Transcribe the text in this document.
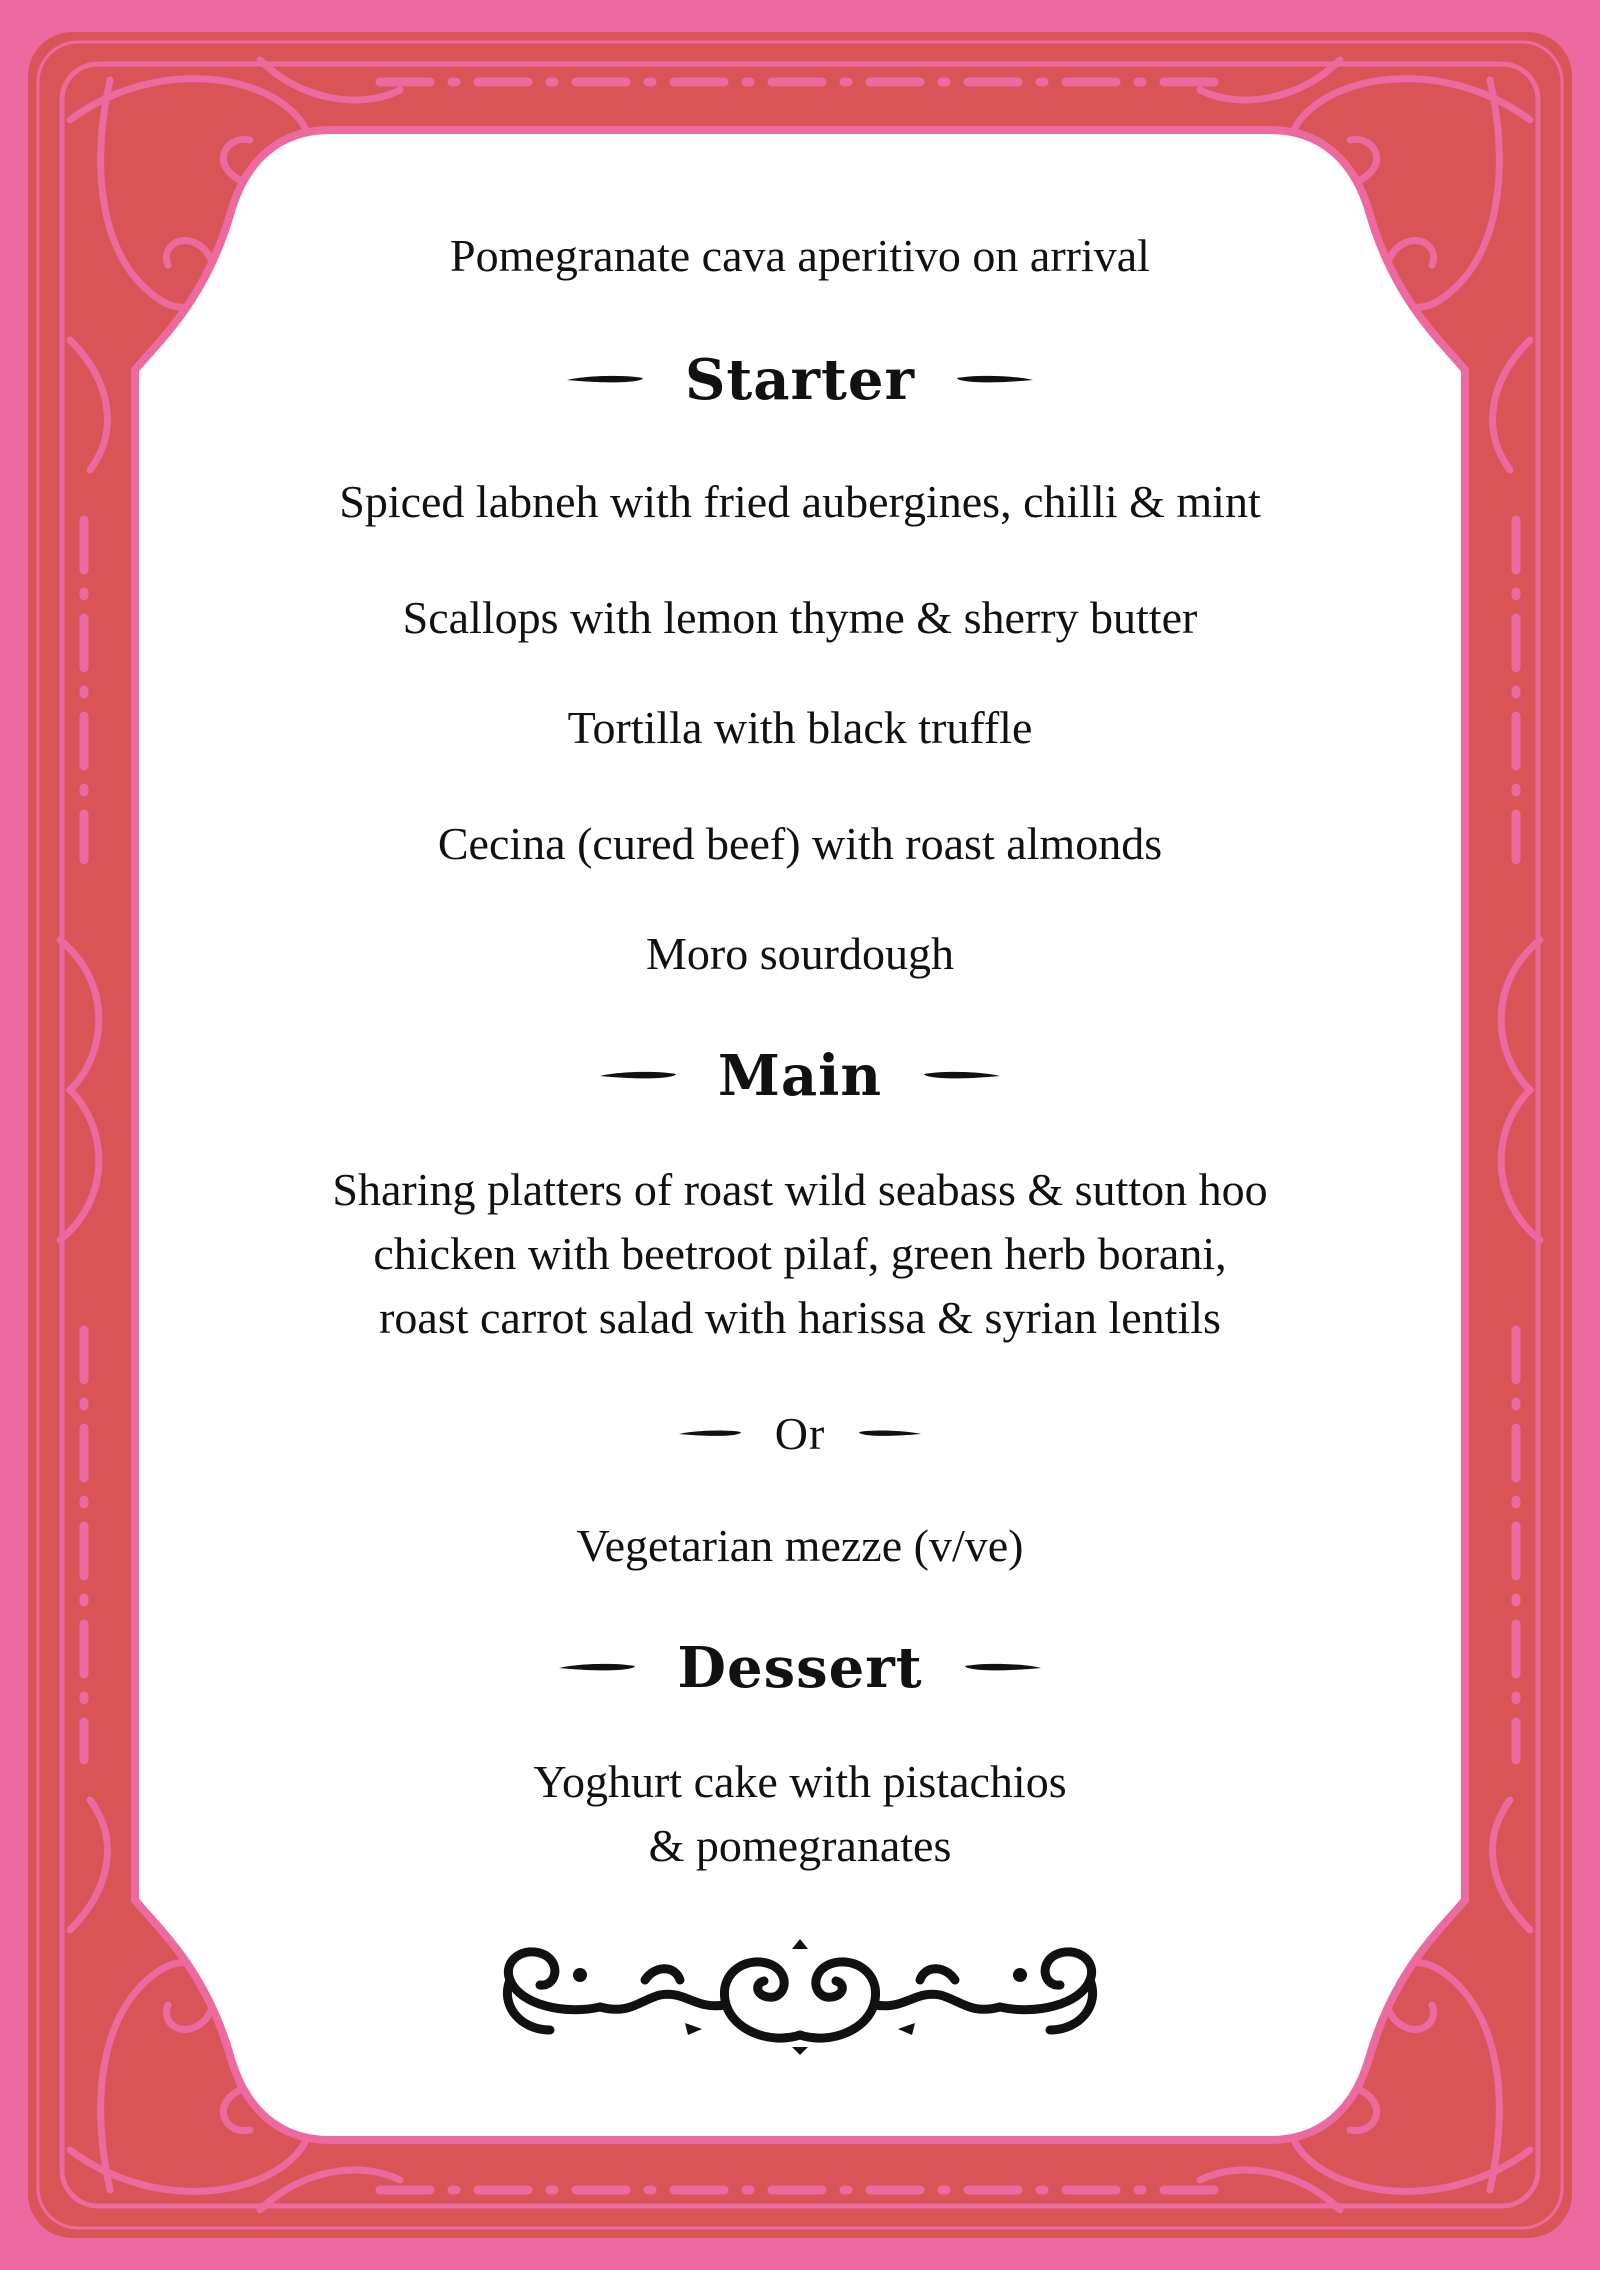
Pomegranate cava aperitivo on arrival
Starter
Spiced labneh with fried aubergines, chilli & mint
Scallops with lemon thyme & sherry butter
Tortilla with black truffle
Cecina (cured beef) with roast almonds
Moro sourdough
Main
Sharing platters of roast wild seabass & sutton hoo
chicken with beetroot pilaf, green herb borani,
roast carrot salad with harissa & syrian lentils
Or
Vegetarian mezze (v/ve)
Dessert
Yoghurt cake with pistachios
& pomegranates
